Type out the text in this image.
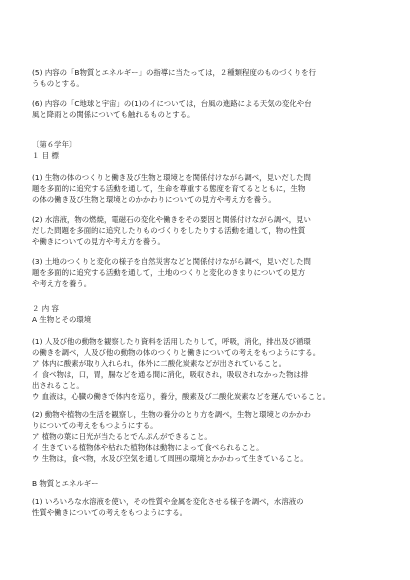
(5) 内容の「B物質とエネルギー」の指導に当たっては，２種類程度のものづくりを行

うものとする。

(6) 内容の「C地球と宇宙」の(1)のイについては，台風の進路による天気の変化や台

風と降雨との関係についても触れるものとする。

〔第６学年〕

１ 目 標

(1) 生物の体のつくりと働き及び生物と環境とを関係付けながら調べ，見いだした問

題を多面的に追究する活動を通して，生命を尊重する態度を育てるとともに，生物

の体の働き及び生物と環境とのかかわりについての見方や考え方を養う。

(2) 水溶液，物の燃焼，電磁石の変化や働きをその要因と関係付けながら調べ，見い

だした問題を多面的に追究したりものづくりをしたりする活動を通して，物の性質

や働きについての見方や考え方を養う。

(3) 土地のつくりと変化の様子を自然災害などと関係付けながら調べ，見いだした問

題を多面的に追究する活動を通して，土地のつくりと変化のきまりについての見方

や考え方を養う。

２ 内 容

A 生物とその環境

(1) 人及び他の動物を観察したり資料を活用したりして，呼吸，消化，排出及び循環

の働きを調べ，人及び他の動物の体のつくりと働きについての考えをもつようにする。

ア 体内に酸素が取り入れられ，体外に二酸化炭素などが出されていること。

イ 食べ物は，口，胃，腸などを通る間に消化，吸収され，吸収されなかった物は排

出されること。

ウ 血液は，心臓の働きで体内を巡り，養分，酸素及び二酸化炭素などを運んでいること。

(2) 動物や植物の生活を観察し，生物の養分のとり方を調べ，生物と環境とのかかわ

りについての考えをもつようにする。

ア 植物の葉に日光が当たるとでんぷんができること。

イ 生きている植物体や枯れた植物体は動物によって食べられること。

ウ 生物は，食べ物，水及び空気を通して周囲の環境とかかわって生きていること。

B 物質とエネルギー

(1) いろいろな水溶液を使い，その性質や金属を変化させる様子を調べ，水溶液の

性質や働きについての考えをもつようにする。
